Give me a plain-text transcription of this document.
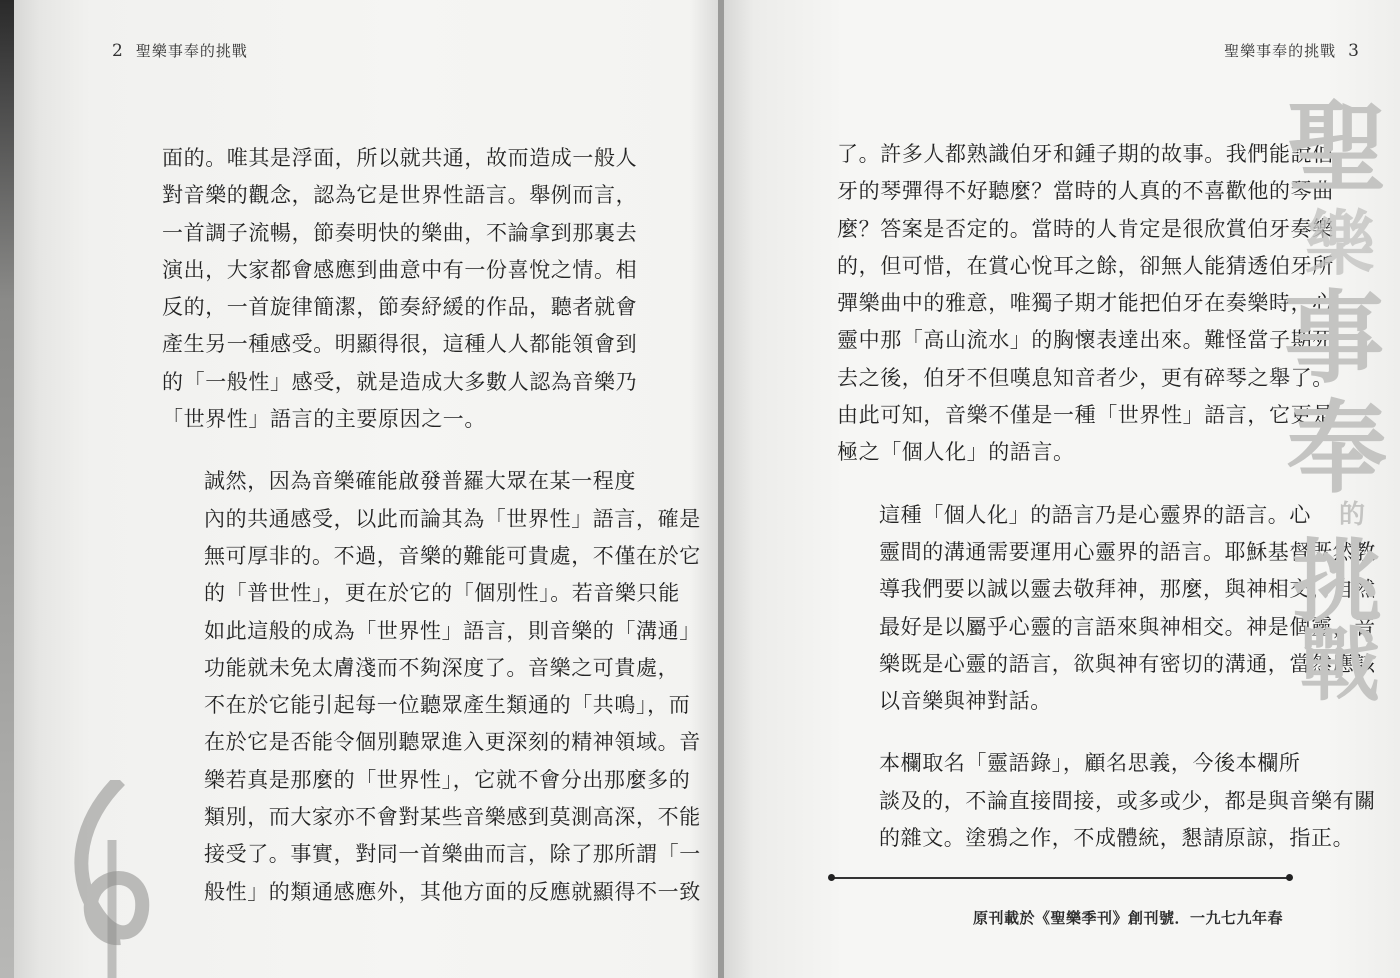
2 聖樂事奉的挑戰

面的。唯其是浮面，所以就共通，故而造成一般人
對音樂的觀念，認為它是世界性語言。舉例而言，
一首調子流暢，節奏明快的樂曲，不論拿到那裏去
演出，大家都會感應到曲意中有一份喜悅之情。相
反的，一首旋律簡潔，節奏紓緩的作品，聽者就會
產生另一種感受。明顯得很，這種人人都能領會到
的「一般性」感受，就是造成大多數人認為音樂乃
「世界性」語言的主要原因之一。

誠然，因為音樂確能啟發普羅大眾在某一程度
內的共通感受，以此而論其為「世界性」語言，確是
無可厚非的。不過，音樂的難能可貴處，不僅在於它
的「普世性」，更在於它的「個別性」。若音樂只能
如此這般的成為「世界性」語言，則音樂的「溝通」
功能就未免太膚淺而不夠深度了。音樂之可貴處，
不在於它能引起每一位聽眾產生類通的「共鳴」，而
在於它是否能令個別聽眾進入更深刻的精神領域。音
樂若真是那麼的「世界性」，它就不會分出那麼多的
類別，而大家亦不會對某些音樂感到莫測高深，不能
接受了。事實，對同一首樂曲而言，除了那所謂「一
般性」的類通感應外，其他方面的反應就顯得不一致

聖樂事奉的挑戰 3

了。許多人都熟識伯牙和鍾子期的故事。我們能說伯
牙的琴彈得不好聽麼？當時的人真的不喜歡他的琴曲
麼？答案是否定的。當時的人肯定是很欣賞伯牙奏樂
的，但可惜，在賞心悅耳之餘，卻無人能猜透伯牙所
彈樂曲中的雅意，唯獨子期才能把伯牙在奏樂時，心
靈中那「高山流水」的胸懷表達出來。難怪當子期死
去之後，伯牙不但嘆息知音者少，更有碎琴之舉了。
由此可知，音樂不僅是一種「世界性」語言，它更是
極之「個人化」的語言。

這種「個人化」的語言乃是心靈界的語言。心
靈間的溝通需要運用心靈界的語言。耶穌基督既然教
導我們要以誠以靈去敬拜神，那麼，與神相交，自然
最好是以屬乎心靈的言語來與神相交。神是個靈，音
樂既是心靈的語言，欲與神有密切的溝通，當然應該
以音樂與神對話。

本欄取名「靈語錄」，顧名思義，今後本欄所
談及的，不論直接間接，或多或少，都是與音樂有關
的雜文。塗鴉之作，不成體統，懇請原諒，指正。

聖
樂
事
奉
的
挑
戰
原刊載於《聖樂季刊》創刊號．一九七九年春
